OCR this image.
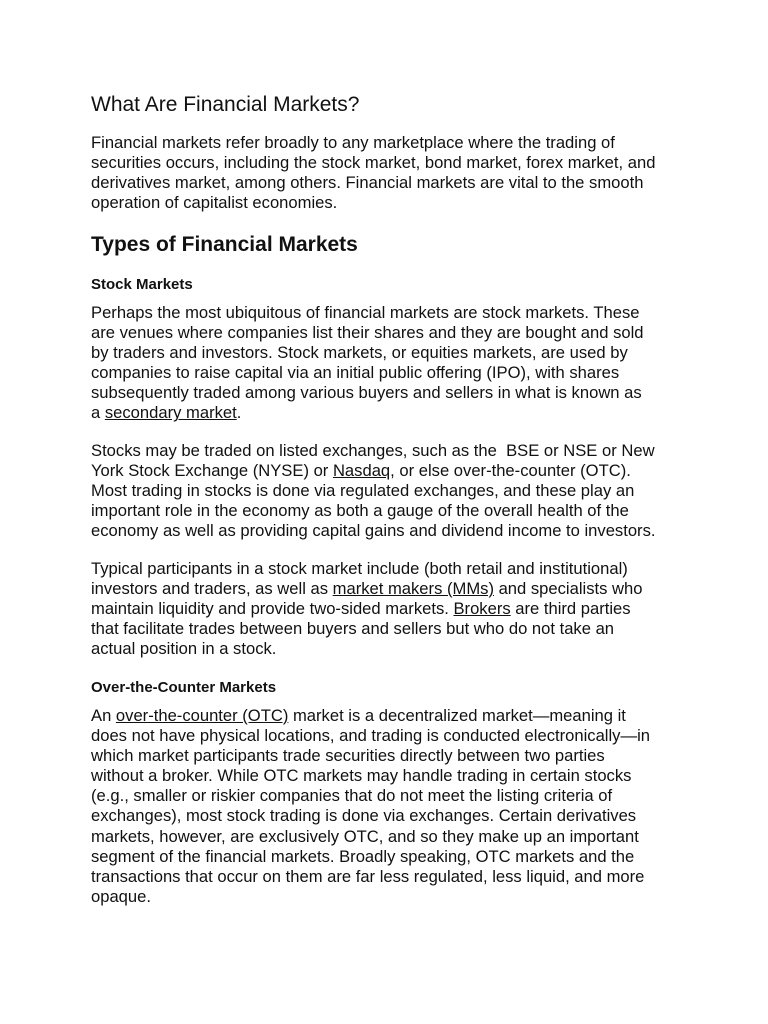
What Are Financial Markets?
Financial markets refer broadly to any marketplace where the trading of
securities occurs, including the stock market, bond market, forex market, and
derivatives market, among others. Financial markets are vital to the smooth
operation of capitalist economies.
Types of Financial Markets
Stock Markets
Perhaps the most ubiquitous of financial markets are stock markets. These
are venues where companies list their shares and they are bought and sold
by traders and investors. Stock markets, or equities markets, are used by
companies to raise capital via an initial public offering (IPO), with shares
subsequently traded among various buyers and sellers in what is known as
a secondary market.
Stocks may be traded on listed exchanges, such as the  BSE or NSE or New
York Stock Exchange (NYSE) or Nasdaq, or else over-the-counter (OTC).
Most trading in stocks is done via regulated exchanges, and these play an
important role in the economy as both a gauge of the overall health of the
economy as well as providing capital gains and dividend income to investors.
Typical participants in a stock market include (both retail and institutional)
investors and traders, as well as market makers (MMs) and specialists who
maintain liquidity and provide two-sided markets. Brokers are third parties
that facilitate trades between buyers and sellers but who do not take an
actual position in a stock.
Over-the-Counter Markets
An over-the-counter (OTC) market is a decentralized market—meaning it
does not have physical locations, and trading is conducted electronically—in
which market participants trade securities directly between two parties
without a broker. While OTC markets may handle trading in certain stocks
(e.g., smaller or riskier companies that do not meet the listing criteria of
exchanges), most stock trading is done via exchanges. Certain derivatives
markets, however, are exclusively OTC, and so they make up an important
segment of the financial markets. Broadly speaking, OTC markets and the
transactions that occur on them are far less regulated, less liquid, and more
opaque.
